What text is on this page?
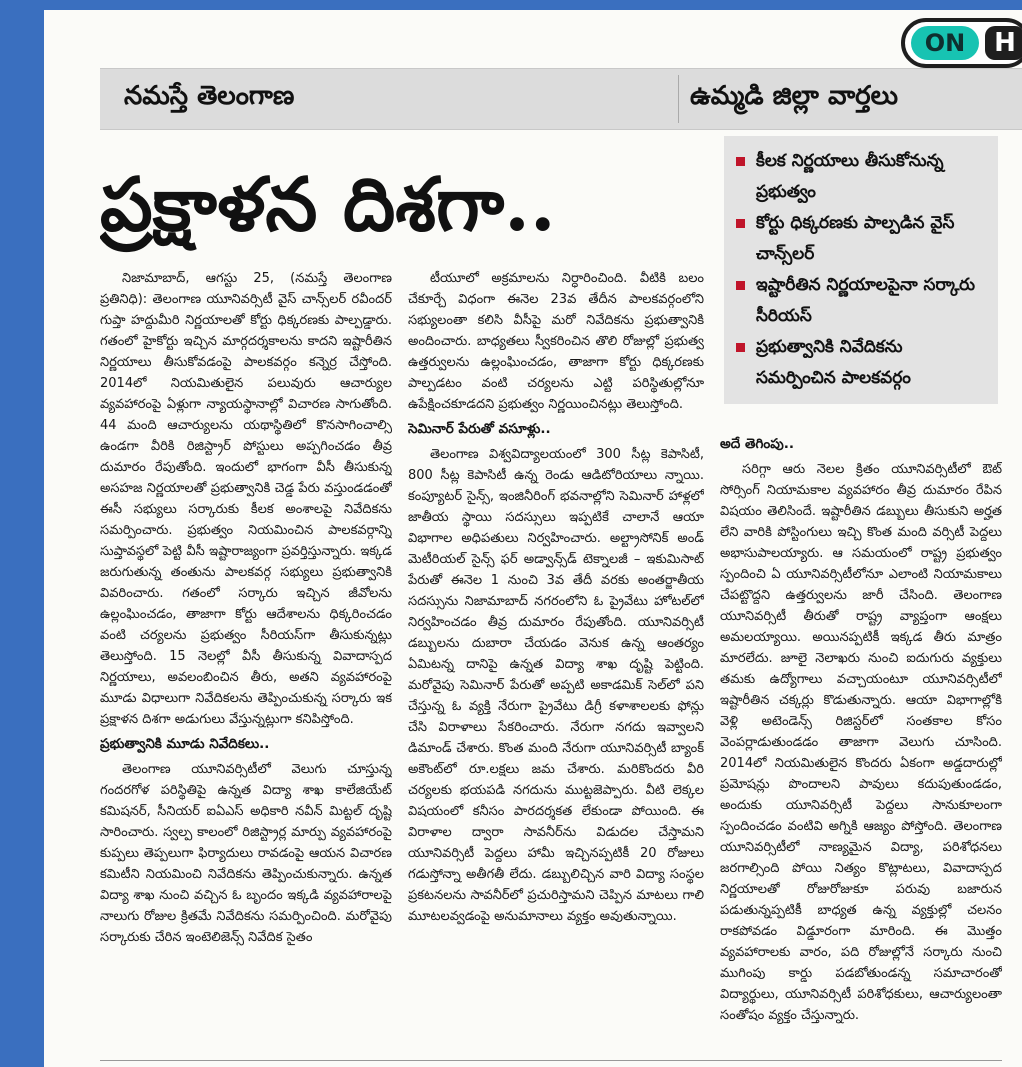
ON	H
నమస్తే తెలంగాణ	ఉమ్మడి జిల్లా వార్తలు
ప్రక్షాళన దిశగా..
కీలక నిర్ణయాలు తీసుకోనున్న ప్రభుత్వం
కోర్టు ధిక్కరణకు పాల్పడిన వైస్ చాన్స్‌లర్
ఇష్టారీతిన నిర్ణయాలపైనా సర్కారు సీరియస్
ప్రభుత్వానికి నివేదికను సమర్పించిన పాలకవర్గం

నిజామాబాద్, ఆగస్టు 25, (నమస్తే తెలంగాణ ప్రతినిధి): తెలంగాణ యూనివర్సిటీ వైస్ చాన్స్‌లర్ రవీందర్ గుప్తా హద్దుమీరి నిర్ణయాలతో కోర్టు ధిక్కరణకు పాల్పడ్డారు. గతంలో హైకోర్టు ఇచ్చిన మార్గదర్శకాలను కాదని ఇష్టారీతిన నిర్ణయాలు తీసుకోవడంపై పాలకవర్గం కన్నెర్ర చేస్తోంది. 2014లో నియమితులైన పలువురు ఆచార్యుల వ్యవహారంపై ఏళ్లుగా న్యాయస్థానాల్లో విచారణ సాగుతోంది. 44 మంది ఆచార్యులను యథాస్థితిలో కొనసాగించాల్సి ఉండగా వీరికి రిజిస్ట్రార్ పోస్టులు అప్పగించడం తీవ్ర దుమారం రేపుతోంది. ఇందులో భాగంగా వీసీ తీసుకున్న అసహజ నిర్ణయాలతో ప్రభుత్వానికి చెడ్డ పేరు వస్తుండడంతో ఈసీ సభ్యులు సర్కారుకు కీలక అంశాలపై నివేదికను సమర్పించారు. ప్రభుత్వం నియమించిన పాలకవర్గాన్ని సుప్తావస్థలో పెట్టి వీసీ ఇష్టారాజ్యంగా ప్రవర్తిస్తున్నారు. ఇక్కడ జరుగుతున్న తంతును పాలకవర్గ సభ్యులు ప్రభుత్వానికి వివరించారు. గతంలో సర్కారు ఇచ్చిన జీవోలను ఉల్లంఘించడం, తాజాగా కోర్టు ఆదేశాలను ధిక్కరించడం వంటి చర్యలను ప్రభుత్వం సీరియస్‌గా తీసుకున్నట్లు తెలుస్తోంది. 15 నెలల్లో వీసీ తీసుకున్న వివాదాస్పద నిర్ణయాలు, అవలంబించిన తీరు, అతని వ్యవహారంపై మూడు విధాలుగా నివేదికలను తెప్పించుకున్న సర్కారు ఇక ప్రక్షాళన దిశగా అడుగులు వేస్తున్నట్లుగా కనిపిస్తోంది.

ప్రభుత్వానికి మూడు నివేదికలు..

తెలంగాణ యూనివర్సిటీలో వెలుగు చూస్తున్న గందరగోళ పరిస్థితిపై ఉన్నత విద్యా శాఖ కాలేజియేట్ కమిషనర్, సీనియర్ ఐఏఎస్ అధికారి నవీన్ మిట్టల్ దృష్టి సారించారు. స్వల్ప కాలంలో రిజిస్ట్రార్ల మార్పు వ్యవహారంపై కుప్పలు తెప్పలుగా ఫిర్యాదులు రావడంపై ఆయన విచారణ కమిటీని నియమించి నివేదికను తెప్పించుకున్నారు. ఉన్నత విద్యా శాఖ నుంచి వచ్చిన ఓ బృందం ఇక్కడి వ్యవహారాలపై నాలుగు రోజుల క్రితమే నివేదికను సమర్పించింది. మరోవైపు సర్కారుకు చేరిన ఇంటెలిజెన్స్ నివేదిక సైతం

టీయూలో అక్రమాలను నిర్ధారించింది. వీటికి బలం చేకూర్చే విధంగా ఈనెల 23వ తేదీన పాలకవర్గంలోని సభ్యులంతా కలిసి వీసీపై మరో నివేదికను ప్రభుత్వానికి అందించారు. బాధ్యతలు స్వీకరించిన తొలి రోజుల్లో ప్రభుత్వ ఉత్తర్వులను ఉల్లంఘించడం, తాజాగా కోర్టు ధిక్కరణకు పాల్పడటం వంటి చర్యలను ఎట్టి పరిస్థితుల్లోనూ ఉపేక్షించకూడదని ప్రభుత్వం నిర్ణయించినట్లు తెలుస్తోంది.

సెమినార్ పేరుతో వసూళ్లు..

తెలంగాణ విశ్వవిద్యాలయంలో 300 సీట్ల కెపాసిటీ, 800 సీట్ల కెపాసిటీ ఉన్న రెండు ఆడిటోరియాలు న్నాయి. కంప్యూటర్ సైన్స్, ఇంజినీరింగ్ భవనాల్లోని సెమినార్ హాళ్లలో జాతీయ స్థాయి సదస్సులు ఇప్పటికే చాలానే ఆయా విభాగాల అధిపతులు నిర్వహించారు. అల్ట్రాసోనిక్ అండ్ మెటీరియల్ సైన్స్ ఫర్ అడ్వాన్స్‌డ్ టెక్నాలజీ – ఇకుమిసాట్ పేరుతో ఈనెల 1 నుంచి 3వ తేదీ వరకు అంతర్జాతీయ సదస్సును నిజామాబాద్ నగరంలోని ఓ ప్రైవేటు హోటల్‌లో నిర్వహించడం తీవ్ర దుమారం రేపుతోంది. యూనివర్సిటీ డబ్బులను దుబారా చేయడం వెనుక ఉన్న ఆంతర్యం ఏమిటన్న దానిపై ఉన్నత విద్యా శాఖ దృష్టి పెట్టింది. మరోవైపు సెమినార్ పేరుతో అప్పటి అకాడమిక్ సెల్‌లో పని చేస్తున్న ఓ వ్యక్తి నేరుగా ప్రైవేటు డిగ్రీ కళాశాలలకు ఫోన్లు చేసి విరాళాలు సేకరించారు. నేరుగా నగదు ఇవ్వాలని డిమాండ్ చేశారు. కొంత మంది నేరుగా యూనివర్సిటీ బ్యాంక్ అకౌంట్‌లో రూ.లక్షలు జమ చేశారు. మరికొందరు వీరి చర్యలకు భయపడి నగదును ముట్టజెప్పారు. వీటి లెక్కల విషయంలో కనీసం పారదర్శకత లేకుండా పోయింది. ఈ విరాళాల ద్వారా సావనీర్‌ను విడుదల చేస్తామని యూనివర్సిటీ పెద్దలు హామీ ఇచ్చినప్పటికీ 20 రోజులు గడుస్తోన్నా అతీగతీ లేదు. డబ్బులిచ్చిన వారి విద్యా సంస్థల ప్రకటనలను సావనీర్‌లో ప్రచురిస్తామని చెప్పిన మాటలు గాలి మూటలవ్వడంపై అనుమానాలు వ్యక్తం అవుతున్నాయి.

అదే తెగింపు..

సరిగ్గా ఆరు నెలల క్రితం యూనివర్సిటీలో ఔట్ సోర్సింగ్ నియామకాల వ్యవహారం తీవ్ర దుమారం రేపిన విషయం తెలిసిందే. ఇష్టారీతిన డబ్బులు తీసుకుని అర్హత లేని వారికి పోస్టింగులు ఇచ్చి కొంత మంది వర్సిటీ పెద్దలు అభాసుపాలయ్యారు. ఆ సమయంలో రాష్ట్ర ప్రభుత్వం స్పందించి ఏ యూనివర్సిటీలోనూ ఎలాంటి నియామకాలు చేపట్టొద్దని ఉత్తర్వులను జారీ చేసింది. తెలంగాణ యూనివర్సిటీ తీరుతో రాష్ట్ర వ్యాప్తంగా ఆంక్షలు అమలయ్యాయి. అయినప్పటికీ ఇక్కడ తీరు మాత్రం మారలేదు. జూలై నెలాఖరు నుంచి ఐదుగురు వ్యక్తులు తమకు ఉద్యోగాలు వచ్చాయంటూ యూనివర్సిటీలో ఇష్టారీతిన చక్కర్లు కొడుతున్నారు. ఆయా విభాగాల్లోకి వెళ్లి అటెండెన్స్ రిజిస్టర్‌లో సంతకాల కోసం వెంపర్లాడుతుండడం తాజాగా వెలుగు చూసింది. 2014లో నియమితులైన కొందరు ఏకంగా అడ్డదారుల్లో ప్రమోషన్లు పొందాలని పావులు కదుపుతుండడం, అందుకు యూనివర్సిటీ పెద్దలు సానుకూలంగా స్పందించడం వంటివి అగ్నికి ఆజ్యం పోస్తోంది. తెలంగాణ యూనివర్సిటీలో నాణ్యమైన విద్యా, పరిశోధనలు జరగాల్సింది పోయి నిత్యం కొట్లాటలు, వివాదాస్పద నిర్ణయాలతో రోజురోజుకూ పరువు బజారున పడుతున్నప్పటికీ బాధ్యత ఉన్న వ్యక్తుల్లో చలనం రాకపోవడం విడ్డూరంగా మారింది. ఈ మొత్తం వ్యవహారాలకు వారం, పది రోజుల్లోనే సర్కారు నుంచి ముగింపు కార్డు పడబోతుండన్న సమాచారంతో విద్యార్థులు, యూనివర్సిటీ పరిశోధకులు, ఆచార్యులంతా సంతోషం వ్యక్తం చేస్తున్నారు.
